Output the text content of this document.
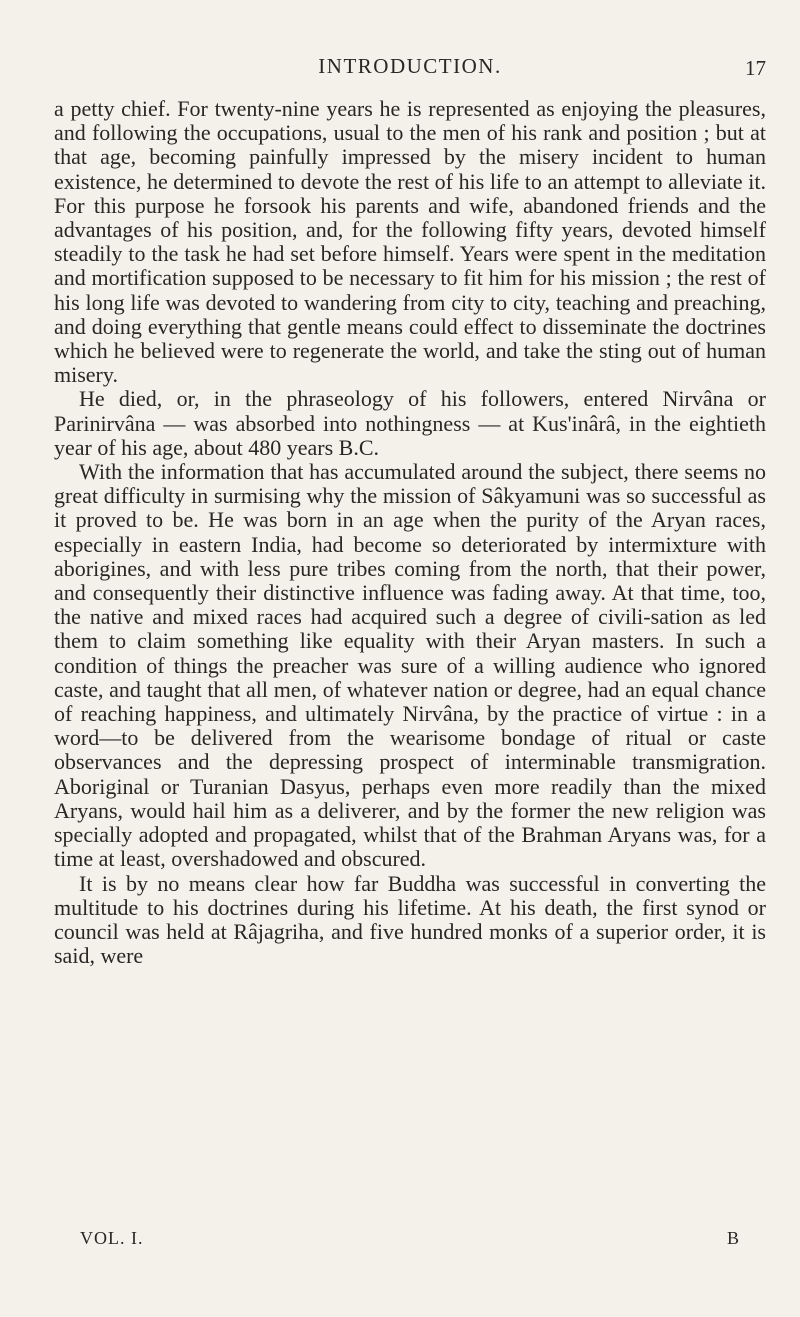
INTRODUCTION.	17

a petty chief. For twenty-nine years he is represented as enjoying the pleasures, and following the occupations, usual to the men of his rank and position ; but at that age, becoming painfully impressed by the misery incident to human existence, he determined to devote the rest of his life to an attempt to alleviate it. For this purpose he forsook his parents and wife, abandoned friends and the advantages of his position, and, for the following fifty years, devoted himself steadily to the task he had set before himself. Years were spent in the meditation and mortification supposed to be necessary to fit him for his mission ; the rest of his long life was devoted to wandering from city to city, teaching and preaching, and doing everything that gentle means could effect to disseminate the doctrines which he believed were to regenerate the world, and take the sting out of human misery.

He died, or, in the phraseology of his followers, entered Nirvâna or Parinirvâna — was absorbed into nothingness — at Kus'inârâ, in the eightieth year of his age, about 480 years B.C.

With the information that has accumulated around the subject, there seems no great difficulty in surmising why the mission of Sâkyamuni was so successful as it proved to be. He was born in an age when the purity of the Aryan races, especially in eastern India, had become so deteriorated by intermixture with aborigines, and with less pure tribes coming from the north, that their power, and consequently their distinctive influence was fading away. At that time, too, the native and mixed races had acquired such a degree of civili-sation as led them to claim something like equality with their Aryan masters. In such a condition of things the preacher was sure of a willing audience who ignored caste, and taught that all men, of whatever nation or degree, had an equal chance of reaching happiness, and ultimately Nirvâna, by the practice of virtue : in a word—to be delivered from the wearisome bondage of ritual or caste observances and the depressing prospect of interminable transmigration. Aboriginal or Turanian Dasyus, perhaps even more readily than the mixed Aryans, would hail him as a deliverer, and by the former the new religion was specially adopted and propagated, whilst that of the Brahman Aryans was, for a time at least, overshadowed and obscured.

It is by no means clear how far Buddha was successful in converting the multitude to his doctrines during his lifetime. At his death, the first synod or council was held at Râjagriha, and five hundred monks of a superior order, it is said, were

VOL. I.	B
